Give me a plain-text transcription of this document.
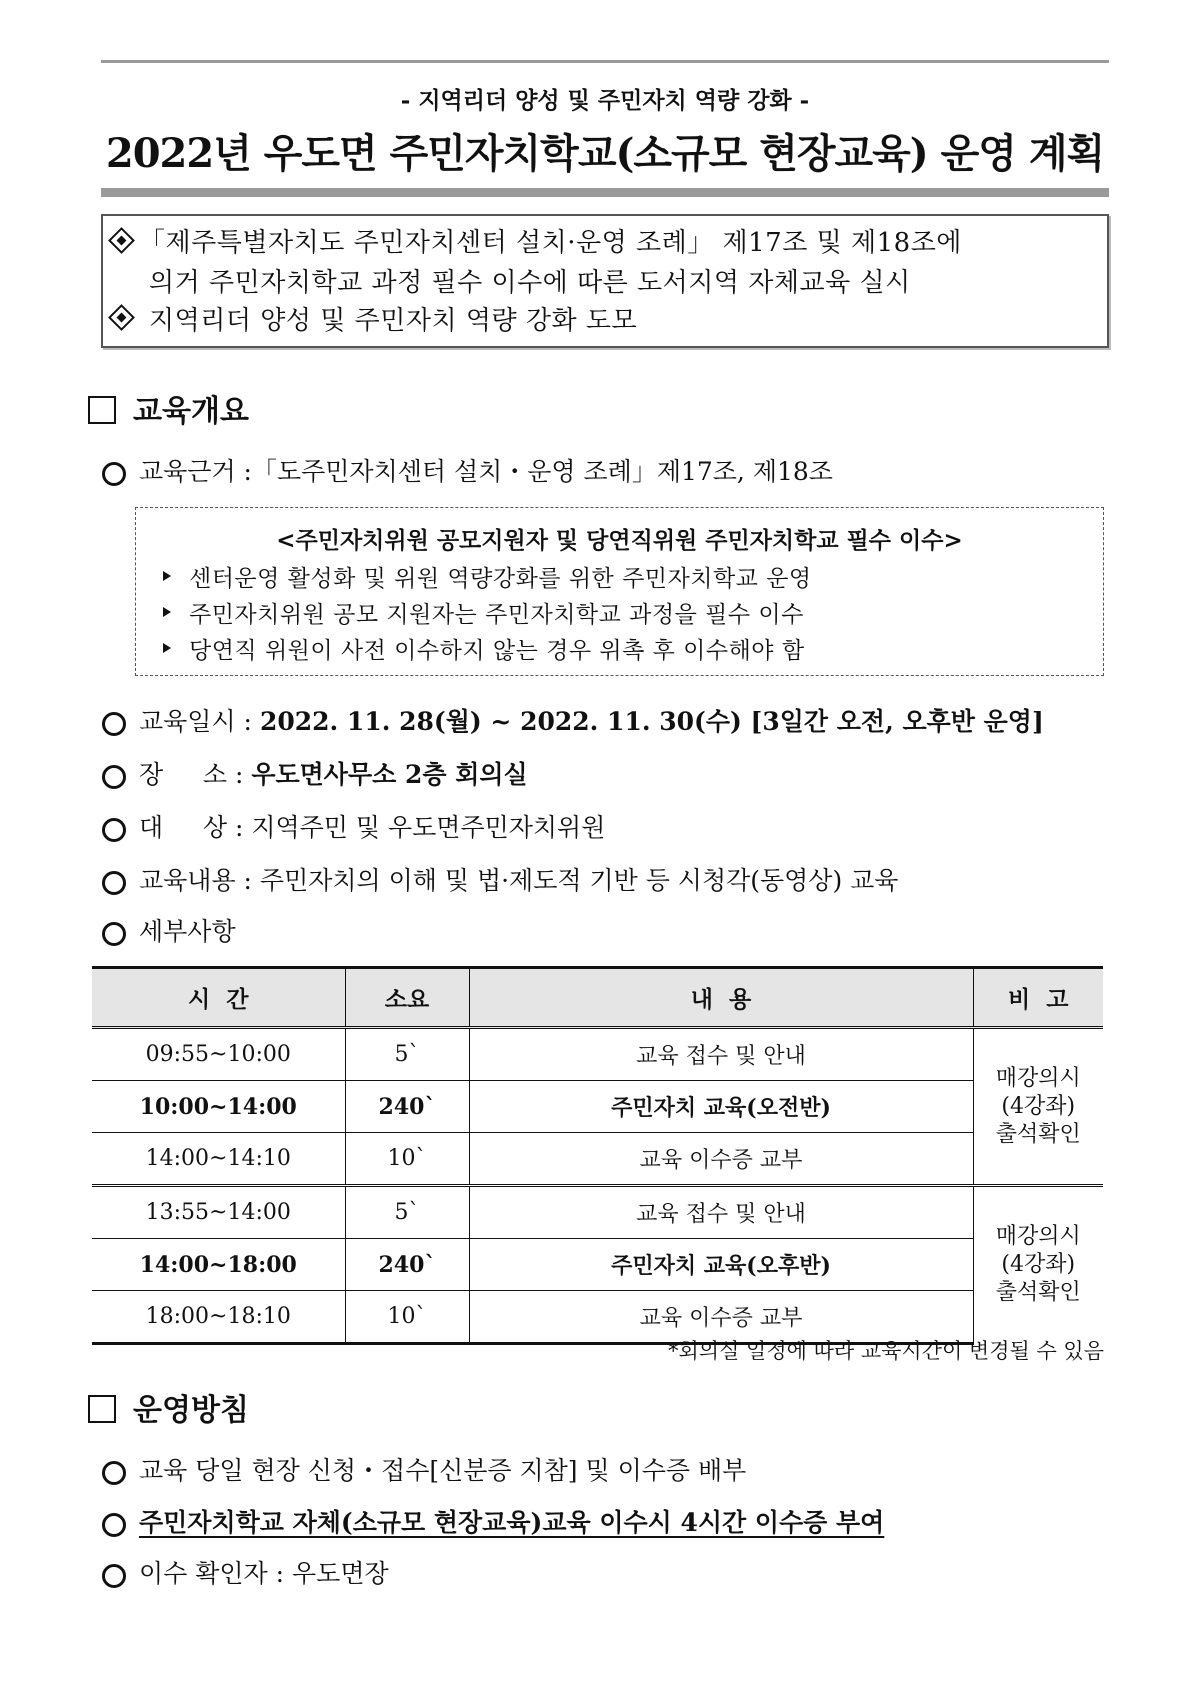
- 지역리더 양성 및 주민자치 역량 강화 -
2022년 우도면 주민자치학교(소규모 현장교육) 운영 계획
「제주특별자치도 주민자치센터 설치·운영 조례」 제17조 및 제18조에
의거 주민자치학교 과정 필수 이수에 따른 도서지역 자체교육 실시
지역리더 양성 및 주민자치 역량 강화 도모
교육개요
교육근거 :「도주민자치센터 설치・운영 조례」제17조, 제18조
<주민자치위원 공모지원자 및 당연직위원 주민자치학교 필수 이수>
센터운영 활성화 및 위원 역량강화를 위한 주민자치학교 운영
주민자치위원 공모 지원자는 주민자치학교 과정을 필수 이수
당연직 위원이 사전 이수하지 않는 경우 위촉 후 이수해야 함
교육일시 : 2022. 11. 28(월) ~ 2022. 11. 30(수) [3일간 오전, 오후반 운영]
장     소 : 우도면사무소 2층 회의실
대     상 : 지역주민 및 우도면주민자치위원
교육내용 : 주민자치의 이해 및 법·제도적 기반 등 시청각(동영상) 교육
세부사항
시  간	소요	내  용	비  고
09:55~10:00	5`	교육 접수 및 안내	매강의시
(4강좌)
출석확인

10:00~14:00	240`	주민자치 교육(오전반)	
14:00~14:10	10`	교육 이수증 교부	
13:55~14:00	5`	교육 접수 및 안내	매강의시
(4강좌)
출석확인

14:00~18:00	240`	주민자치 교육(오후반)	
18:00~18:10	10`	교육 이수증 교부	
*회의실 일정에 따라 교육시간이 변경될 수 있음
운영방침
교육 당일 현장 신청・접수[신분증 지참] 및 이수증 배부
주민자치학교 자체(소규모 현장교육)교육 이수시 4시간 이수증 부여
이수 확인자 : 우도면장
